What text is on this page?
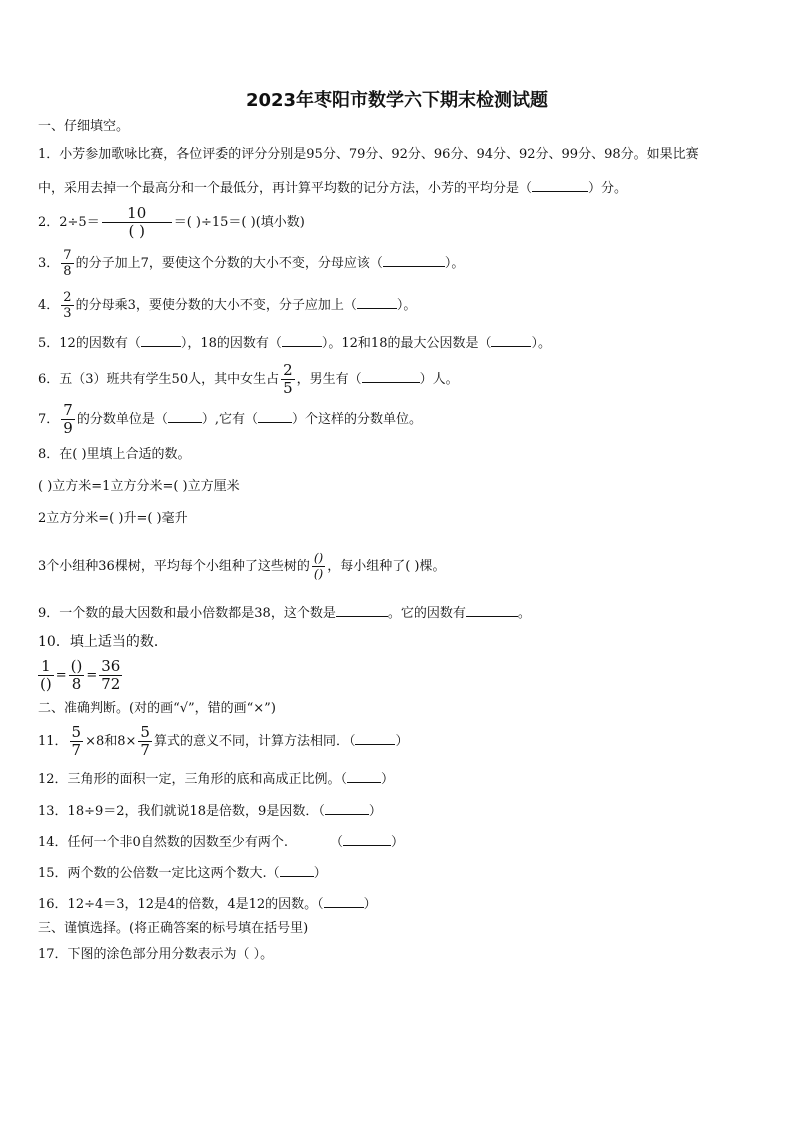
2023年枣阳市数学六下期末检测试题
一、仔细填空。
1．小芳参加歌咏比赛，各位评委的评分分别是95分、79分、92分、96分、94分、92分、99分、98分。如果比赛
中，采用去掉一个最高分和一个最低分，再计算平均数的记分方法，小芳的平均分是（	）分。
2．$2\div 5= \frac{10}{( )}$ ＝( )÷15＝( )(填小数)
3． $\frac{7}{8}$ 的分子加上7，要使这个分数的大小不变，分母应该（	）。
4． $\frac{2}{3}$ 的分母乘3，要使分数的大小不变，分子应加上（	）。
5．12的因数有（	），18的因数有（	）。12和18的最大公因数是（	）。
6．五（3）班共有学生50人，其中女生占 $\frac{2}{5}$ ，男生有（	）人。
7． $\frac{7}{9}$ 的分数单位是（	）,它有（	）个这样的分数单位。
8．在( )里填上合适的数。
( )立方米=1立方分米=( )立方厘米
2立方分米=( )升=( )毫升
3个小组种36棵树，平均每个小组种了这些树的 $\frac{()}{()}$ ，每小组种了( )棵。
9．一个数的最大因数和最小倍数都是38，这个数是	。它的因数有	。
10．填上适当的数．
$\frac{1}{()} = \frac{()}{8} = \frac{36}{72}$
二、准确判断。(对的画“√”，错的画“×”)
11． $\frac{5}{7} \times 8$和$8\times \frac{5}{7}$ 算式的意义不同，计算方法相同．（	）
12．三角形的面积一定，三角形的底和高成正比例。（	）
13．18÷9＝2，我们就说18是倍数，9是因数．（	）
14．任何一个非0自然数的因数至少有两个.	（	）
15．两个数的公倍数一定比这两个数大.（	）
16．12÷4＝3，12是4的倍数，4是12的因数。（	）
三、谨慎选择。(将正确答案的标号填在括号里)
17．下图的涂色部分用分数表示为（ ）。
